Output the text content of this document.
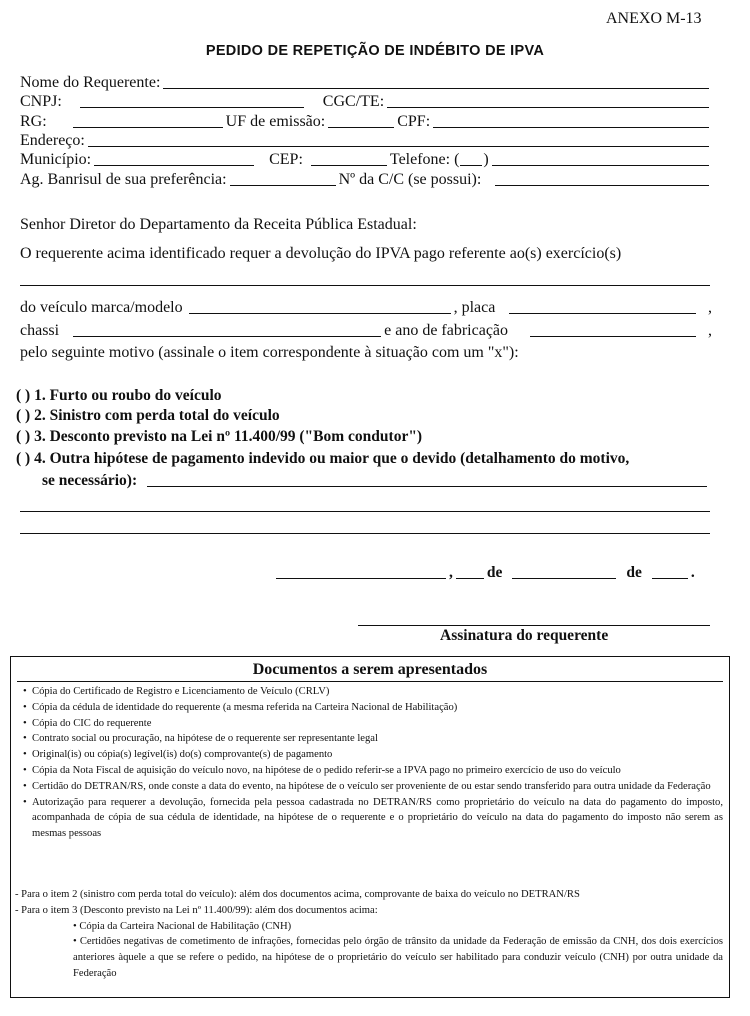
ANEXO M-13
PEDIDO DE REPETIÇÃO DE INDÉBITO DE IPVA
Nome do Requerente:
CNPJ:	CGC/TE:
RG:	UF de emissão:	CPF:
Endereço:
Município:	CEP:	Telefone: ( )
Ag. Banrisul de sua preferência:	Nº da C/C (se possui):
Senhor Diretor do Departamento da Receita Pública Estadual:
O requerente acima identificado requer a devolução do IPVA pago referente ao(s) exercício(s)
do veículo marca/modelo	, placa	,
chassi	e ano de fabricação	,
pelo seguinte motivo (assinale o item correspondente à situação com um "x"):
( ) 1. Furto ou roubo do veículo
( ) 2. Sinistro com perda total do veículo
( ) 3. Desconto previsto na Lei nº 11.400/99 ("Bom condutor")
( ) 4. Outra hipótese de pagamento indevido ou maior que o devido (detalhamento do motivo,
se necessário):
, de	de	.
Assinatura do requerente
Documentos a serem apresentados
• Cópia do Certificado de Registro e Licenciamento de Veículo (CRLV)
• Cópia da cédula de identidade do requerente (a mesma referida na Carteira Nacional de Habilitação)
• Cópia do CIC do requerente
• Contrato social ou procuração, na hipótese de o requerente ser representante legal
• Original(is) ou cópia(s) legível(is) do(s) comprovante(s) de pagamento
• Cópia da Nota Fiscal de aquisição do veículo novo, na hipótese de o pedido referir-se a IPVA pago no primeiro exercício de uso do veículo
• Certidão do DETRAN/RS, onde conste a data do evento, na hipótese de o veículo ser proveniente de ou estar sendo transferido para outra unidade da Federação
• Autorização para requerer a devolução, fornecida pela pessoa cadastrada no DETRAN/RS como proprietário do veículo na data do pagamento do imposto, acompanhada de cópia de sua cédula de identidade, na hipótese de o requerente e o proprietário do veículo na data do pagamento do imposto não serem as mesmas pessoas
- Para o item 2 (sinistro com perda total do veículo): além dos documentos acima, comprovante de baixa do veículo no DETRAN/RS
- Para o item 3 (Desconto previsto na Lei nº 11.400/99): além dos documentos acima:
• Cópia da Carteira Nacional de Habilitação (CNH)
• Certidões negativas de cometimento de infrações, fornecidas pelo órgão de trânsito da unidade da Federação de emissão da CNH, dos dois exercícios anteriores àquele a que se refere o pedido, na hipótese de o proprietário do veículo ser habilitado para conduzir veículo (CNH) por outra unidade da Federação
